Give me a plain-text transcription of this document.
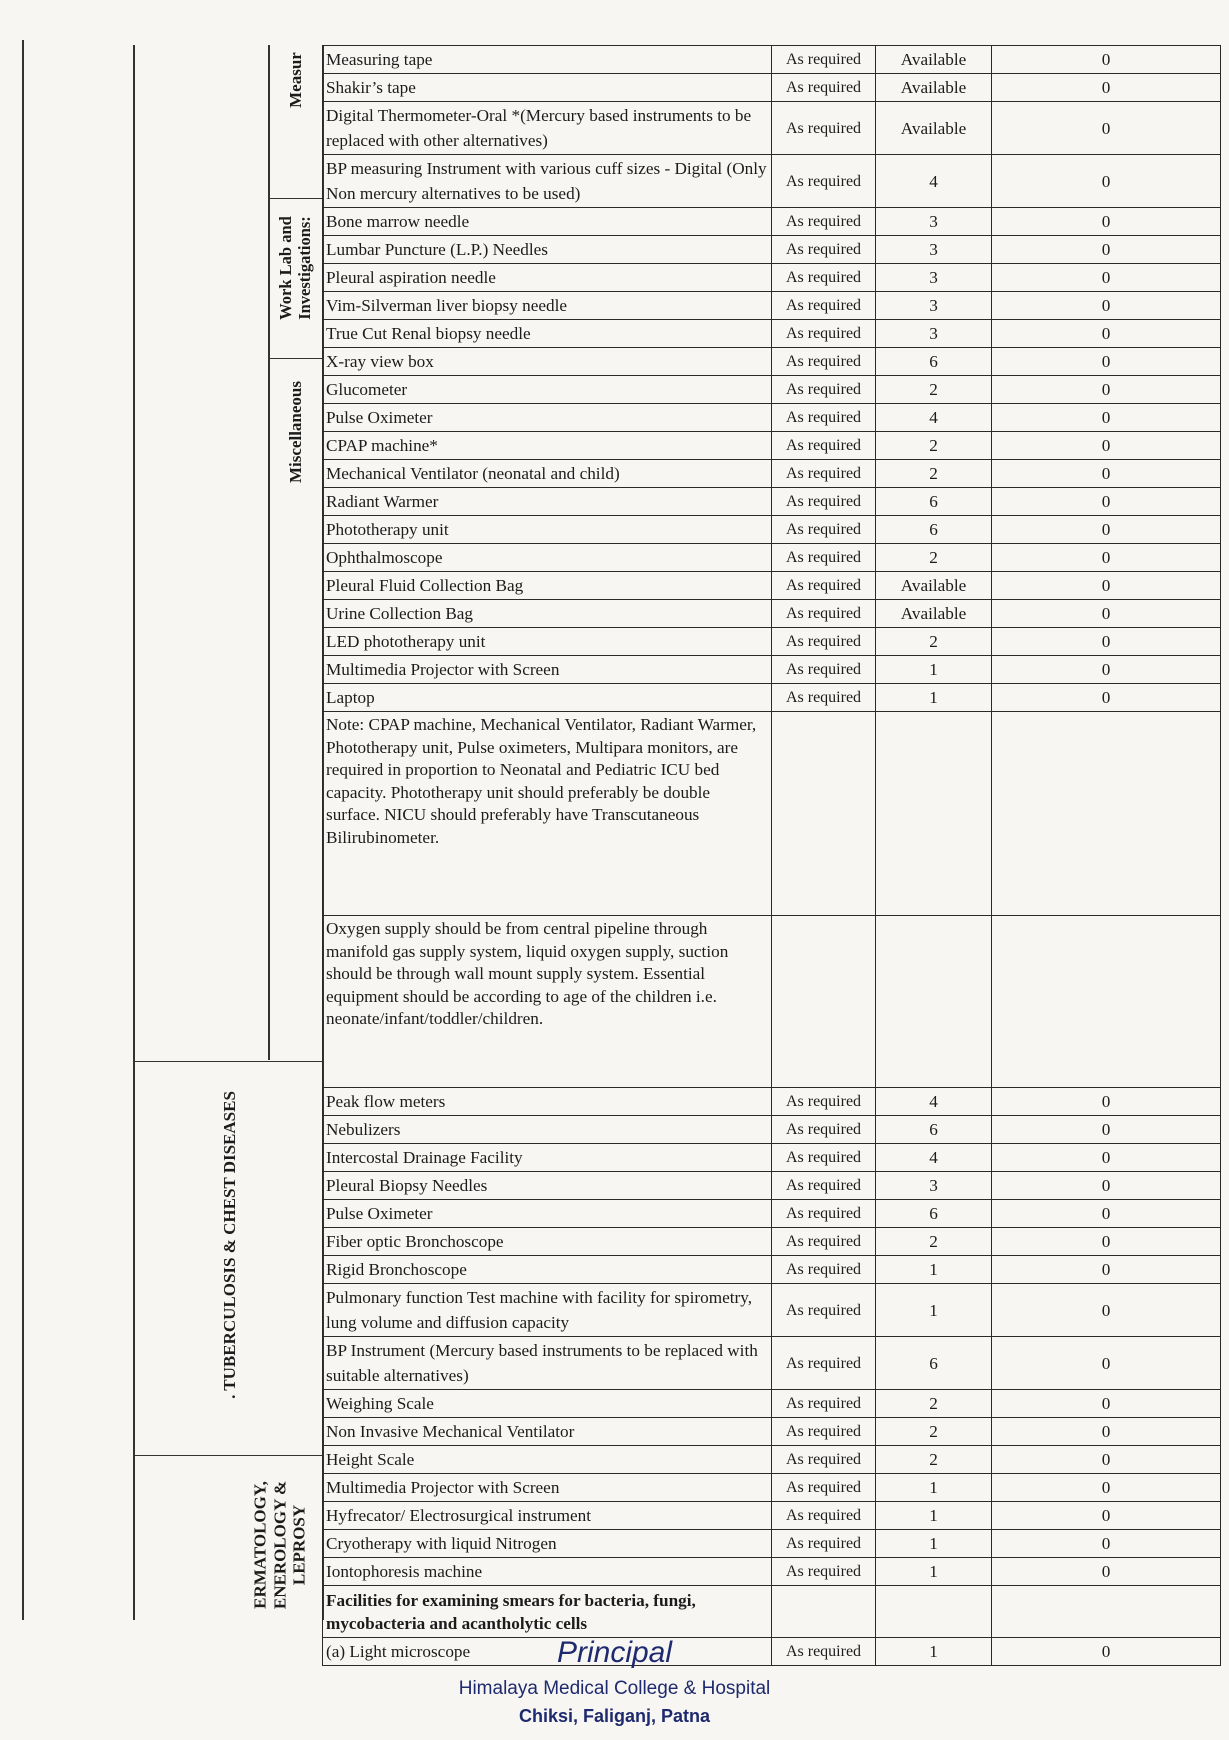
Measur
Work Lab and Investigations:
Miscellaneous
. TUBERCULOSIS & CHEST DISEASES
ERMATOLOGY, ENEROLOGY & LEPROSY
Measuring tape	As required	Available	0
Shakir’s tape	As required	Available	0
Digital Thermometer-Oral *(Mercury based instruments to be replaced with other alternatives)	As required	Available	0
BP measuring Instrument with various cuff sizes - Digital (Only Non mercury alternatives to be used)	As required	4	0
Bone marrow needle	As required	3	0
Lumbar Puncture (L.P.) Needles	As required	3	0
Pleural aspiration needle	As required	3	0
Vim-Silverman liver biopsy needle	As required	3	0
True Cut Renal biopsy needle	As required	3	0
X-ray view box	As required	6	0
Glucometer	As required	2	0
Pulse Oximeter	As required	4	0
CPAP machine*	As required	2	0
Mechanical Ventilator (neonatal and child)	As required	2	0
Radiant Warmer	As required	6	0
Phototherapy unit	As required	6	0
Ophthalmoscope	As required	2	0
Pleural Fluid Collection Bag	As required	Available	0
Urine Collection Bag	As required	Available	0
LED phototherapy unit	As required	2	0
Multimedia Projector with Screen	As required	1	0
Laptop	As required	1	0
Note: CPAP machine, Mechanical Ventilator, Radiant Warmer, Phototherapy unit, Pulse oximeters, Multipara monitors, are required in proportion to Neonatal and Pediatric ICU bed capacity. Phototherapy unit should preferably be double surface. NICU should preferably have Transcutaneous Bilirubinometer.			
Oxygen supply should be from central pipeline through manifold gas supply system, liquid oxygen supply, suction should be through wall mount supply system. Essential equipment should be according to age of the children i.e. neonate/infant/toddler/children.			
Peak flow meters	As required	4	0
Nebulizers	As required	6	0
Intercostal Drainage Facility	As required	4	0
Pleural Biopsy Needles	As required	3	0
Pulse Oximeter	As required	6	0
Fiber optic Bronchoscope	As required	2	0
Rigid Bronchoscope	As required	1	0
Pulmonary function Test machine with facility for spirometry, lung volume and diffusion capacity	As required	1	0
BP Instrument (Mercury based instruments to be replaced with suitable alternatives)	As required	6	0
Weighing Scale	As required	2	0
Non Invasive Mechanical Ventilator	As required	2	0
Height Scale	As required	2	0
Multimedia Projector with Screen	As required	1	0
Hyfrecator/ Electrosurgical instrument	As required	1	0
Cryotherapy with liquid Nitrogen	As required	1	0
Iontophoresis machine	As required	1	0
Facilities for examining smears for bacteria, fungi, mycobacteria and acantholytic cells			
(a) Light microscope	As required	1	0
Principal
Himalaya Medical College & Hospital
Chiksi, Faliganj, Patna
